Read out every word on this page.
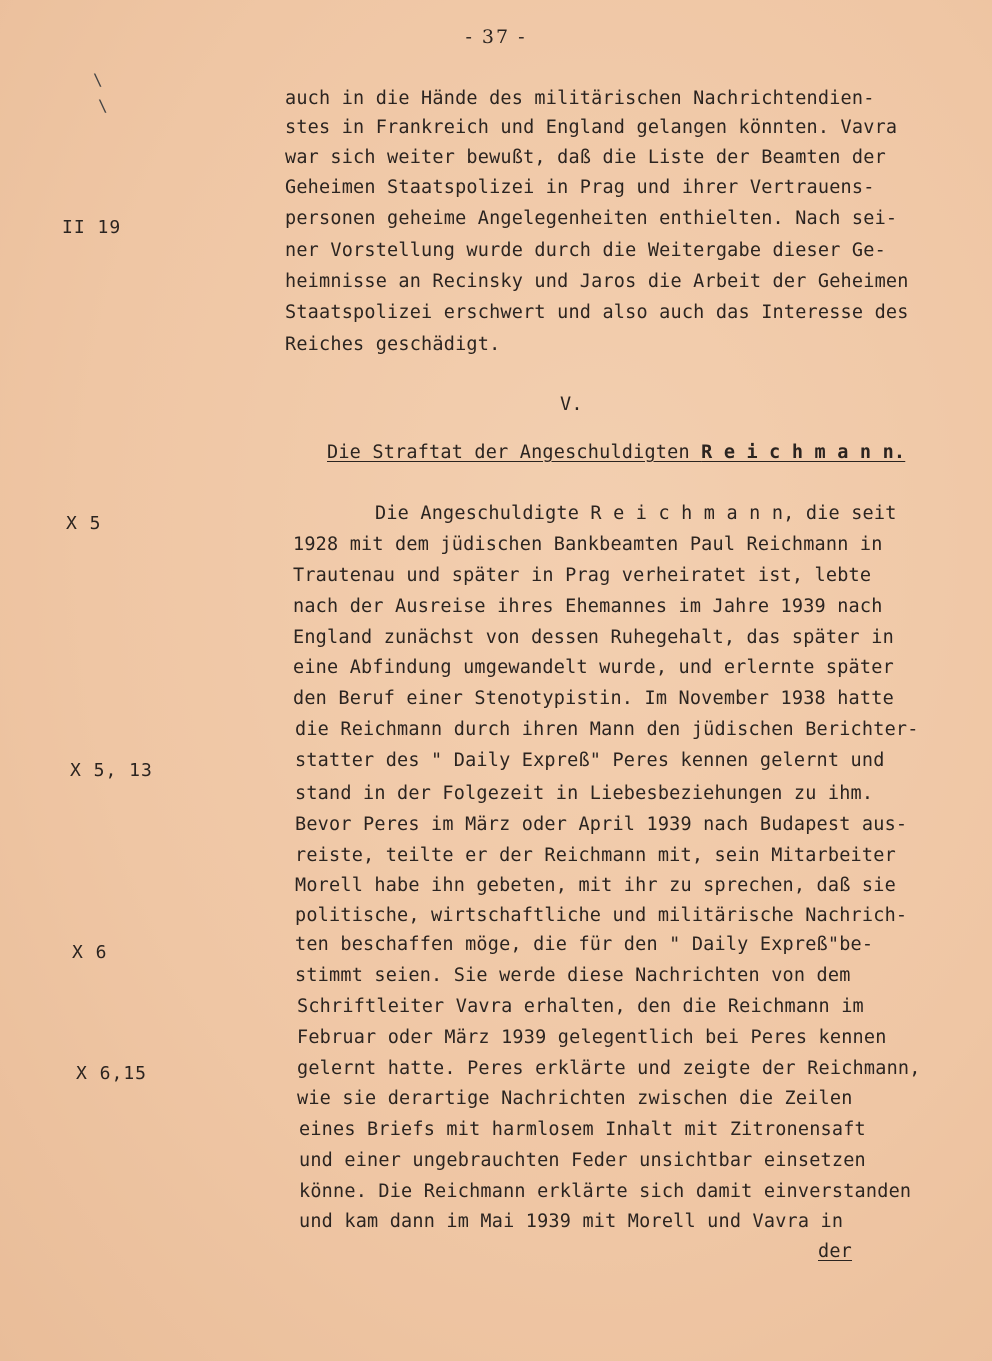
- 37 -
\
\
II 19
X 5
X 5, 13
X 6
X 6,15
auch in die Hände des militärischen Nachrichtendien-
stes in Frankreich und England gelangen könnten. Vavra
war sich weiter bewußt, daß die Liste der Beamten der
Geheimen Staatspolizei in Prag und ihrer Vertrauens-
personen geheime Angelegenheiten enthielten. Nach sei-
ner Vorstellung wurde durch die Weitergabe dieser Ge-
heimnisse an Recinsky und Jaros die Arbeit der Geheimen
Staatspolizei erschwert und also auch das Interesse des
Reiches geschädigt.
V.
Die Straftat der Angeschuldigten R e i c h m a n n.
Die Angeschuldigte R e i c h m a n n, die seit
1928 mit dem jüdischen Bankbeamten Paul Reichmann in
Trautenau und später in Prag verheiratet ist, lebte
nach der Ausreise ihres Ehemannes im Jahre 1939 nach
England zunächst von dessen Ruhegehalt, das später in
eine Abfindung umgewandelt wurde, und erlernte später
den Beruf einer Stenotypistin. Im November 1938 hatte
die Reichmann durch ihren Mann den jüdischen Berichter-
statter des " Daily Expreß" Peres kennen gelernt und
stand in der Folgezeit in Liebesbeziehungen zu ihm.
Bevor Peres im März oder April 1939 nach Budapest aus-
reiste, teilte er der Reichmann mit, sein Mitarbeiter
Morell habe ihn gebeten, mit ihr zu sprechen, daß sie
politische, wirtschaftliche und militärische Nachrich-
ten beschaffen möge, die für den " Daily Expreß"be-
stimmt seien. Sie werde diese Nachrichten von dem
Schriftleiter Vavra erhalten, den die Reichmann im
Februar oder März 1939 gelegentlich bei Peres kennen
gelernt hatte. Peres erklärte und zeigte der Reichmann,
wie sie derartige Nachrichten zwischen die Zeilen
eines Briefs mit harmlosem Inhalt mit Zitronensaft
und einer ungebrauchten Feder unsichtbar einsetzen
könne. Die Reichmann erklärte sich damit einverstanden
und kam dann im Mai 1939 mit Morell und Vavra in
der
